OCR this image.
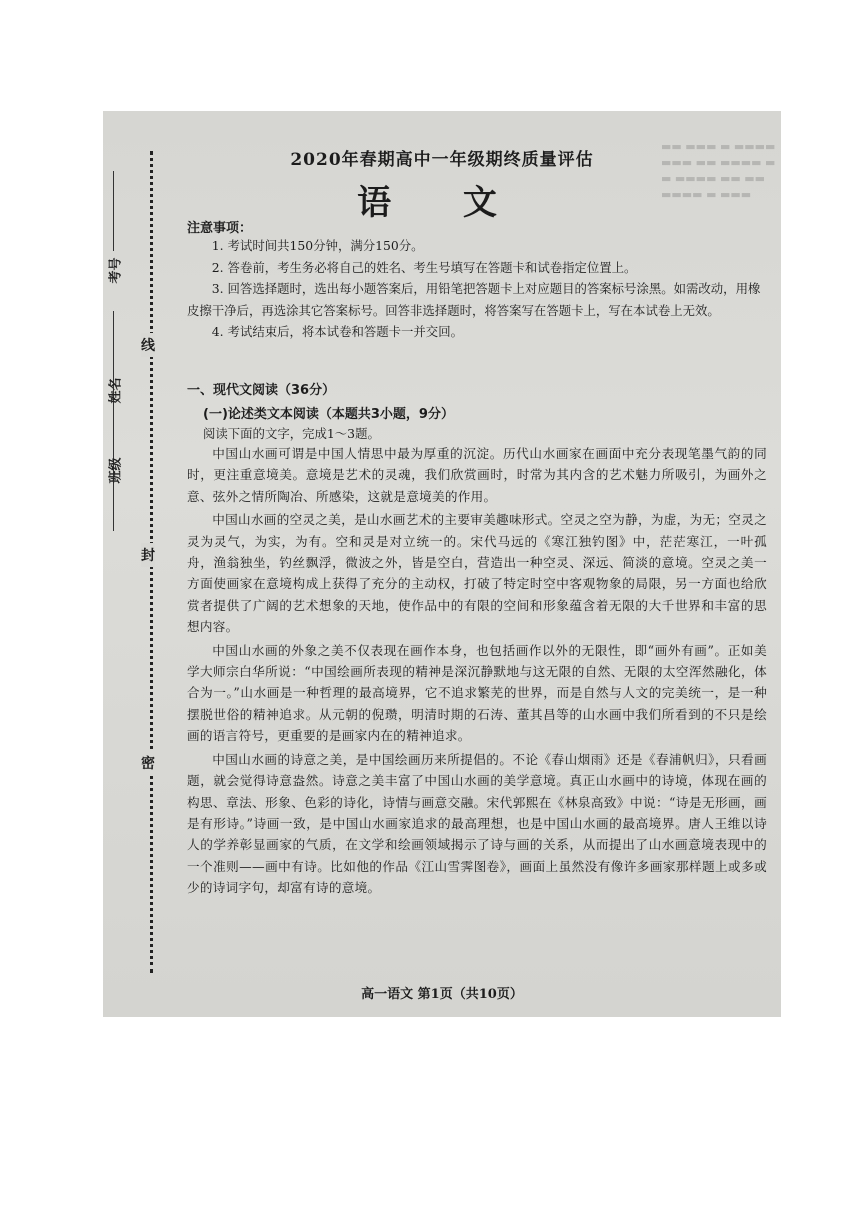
考号
姓名
班级
线
封
密
▬▬ ▬▬▬ ▬ ▬▬▬▬
▬▬▬ ▬▬ ▬▬▬▬ ▬
▬ ▬▬▬▬ ▬▬ ▬▬
▬▬▬▬ ▬ ▬▬▬
2020年春期高中一年级期终质量评估
语 文
注意事项：

1. 考试时间共150分钟，满分150分。

2. 答卷前，考生务必将自己的姓名、考生号填写在答题卡和试卷指定位置上。

3. 回答选择题时，选出每小题答案后，用铅笔把答题卡上对应题目的答案标号涂黑。如需改动，用橡皮擦干净后，再选涂其它答案标号。回答非选择题时，将答案写在答题卡上，写在本试卷上无效。

4. 考试结束后，将本试卷和答题卡一并交回。

一、现代文阅读（36分）
(一)论述类文本阅读（本题共3小题，9分）
阅读下面的文字，完成1～3题。

中国山水画可谓是中国人情思中最为厚重的沉淀。历代山水画家在画面中充分表现笔墨气韵的同时，更注重意境美。意境是艺术的灵魂，我们欣赏画时，时常为其内含的艺术魅力所吸引，为画外之意、弦外之情所陶冶、所感染，这就是意境美的作用。

中国山水画的空灵之美，是山水画艺术的主要审美趣味形式。空灵之空为静，为虚，为无；空灵之灵为灵气，为实，为有。空和灵是对立统一的。宋代马远的《寒江独钓图》中，茫茫寒江，一叶孤舟，渔翁独坐，钓丝飘浮，微波之外，皆是空白，营造出一种空灵、深远、简淡的意境。空灵之美一方面使画家在意境构成上获得了充分的主动权，打破了特定时空中客观物象的局限，另一方面也给欣赏者提供了广阔的艺术想象的天地，使作品中的有限的空间和形象蕴含着无限的大千世界和丰富的思想内容。

中国山水画的外象之美不仅表现在画作本身，也包括画作以外的无限性，即“画外有画”。正如美学大师宗白华所说：“中国绘画所表现的精神是深沉静默地与这无限的自然、无限的太空浑然融化，体合为一。”山水画是一种哲理的最高境界，它不追求繁芜的世界，而是自然与人文的完美统一，是一种摆脱世俗的精神追求。从元朝的倪瓒，明清时期的石涛、董其昌等的山水画中我们所看到的不只是绘画的语言符号，更重要的是画家内在的精神追求。

中国山水画的诗意之美，是中国绘画历来所提倡的。不论《春山烟雨》还是《春浦帆归》，只看画题，就会觉得诗意盎然。诗意之美丰富了中国山水画的美学意境。真正山水画中的诗境，体现在画的构思、章法、形象、色彩的诗化，诗情与画意交融。宋代郭熙在《林泉高致》中说：“诗是无形画，画是有形诗。”诗画一致，是中国山水画家追求的最高理想，也是中国山水画的最高境界。唐人王维以诗人的学养彰显画家的气质，在文学和绘画领域揭示了诗与画的关系，从而提出了山水画意境表现中的一个准则——画中有诗。比如他的作品《江山雪霁图卷》，画面上虽然没有像许多画家那样题上或多或少的诗词字句，却富有诗的意境。

高一语文 第1页（共10页）
